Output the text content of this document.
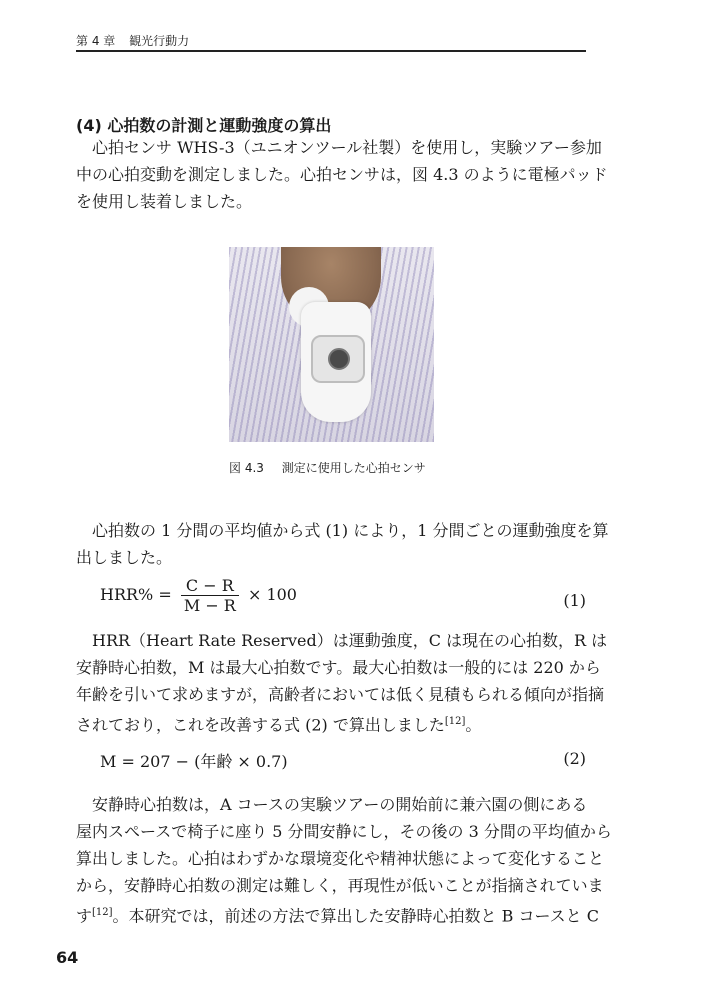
第 4 章 観光行動力
(4) 心拍数の計測と運動強度の算出

　心拍センサ WHS-3（ユニオンツール社製）を使用し，実験ツアー参加
中の心拍変動を測定しました。心拍センサは，図 4.3 のように電極パッド
を使用し装着しました。

図 4.3 測定に使用した心拍センサ

　心拍数の 1 分間の平均値から式 (1) により，1 分間ごとの運動強度を算
出しました。

$HRR\% = \frac{C - R}{M - R} \times 100$	(1)

　HRR（Heart Rate Reserved）は運動強度，C は現在の心拍数，R は
安静時心拍数，M は最大心拍数です。最大心拍数は一般的には 220 から
年齢を引いて求めますが，高齢者においては低く見積もられる傾向が指摘
されており，これを改善する式 (2) で算出しました[12]。

M = 207 − (年齢 × 0.7)	(2)

　安静時心拍数は，A コースの実験ツアーの開始前に兼六園の側にある
屋内スペースで椅子に座り 5 分間安静にし，その後の 3 分間の平均値から
算出しました。心拍はわずかな環境変化や精神状態によって変化すること
から，安静時心拍数の測定は難しく，再現性が低いことが指摘されていま
す[12]。本研究では，前述の方法で算出した安静時心拍数と B コースと C

64
